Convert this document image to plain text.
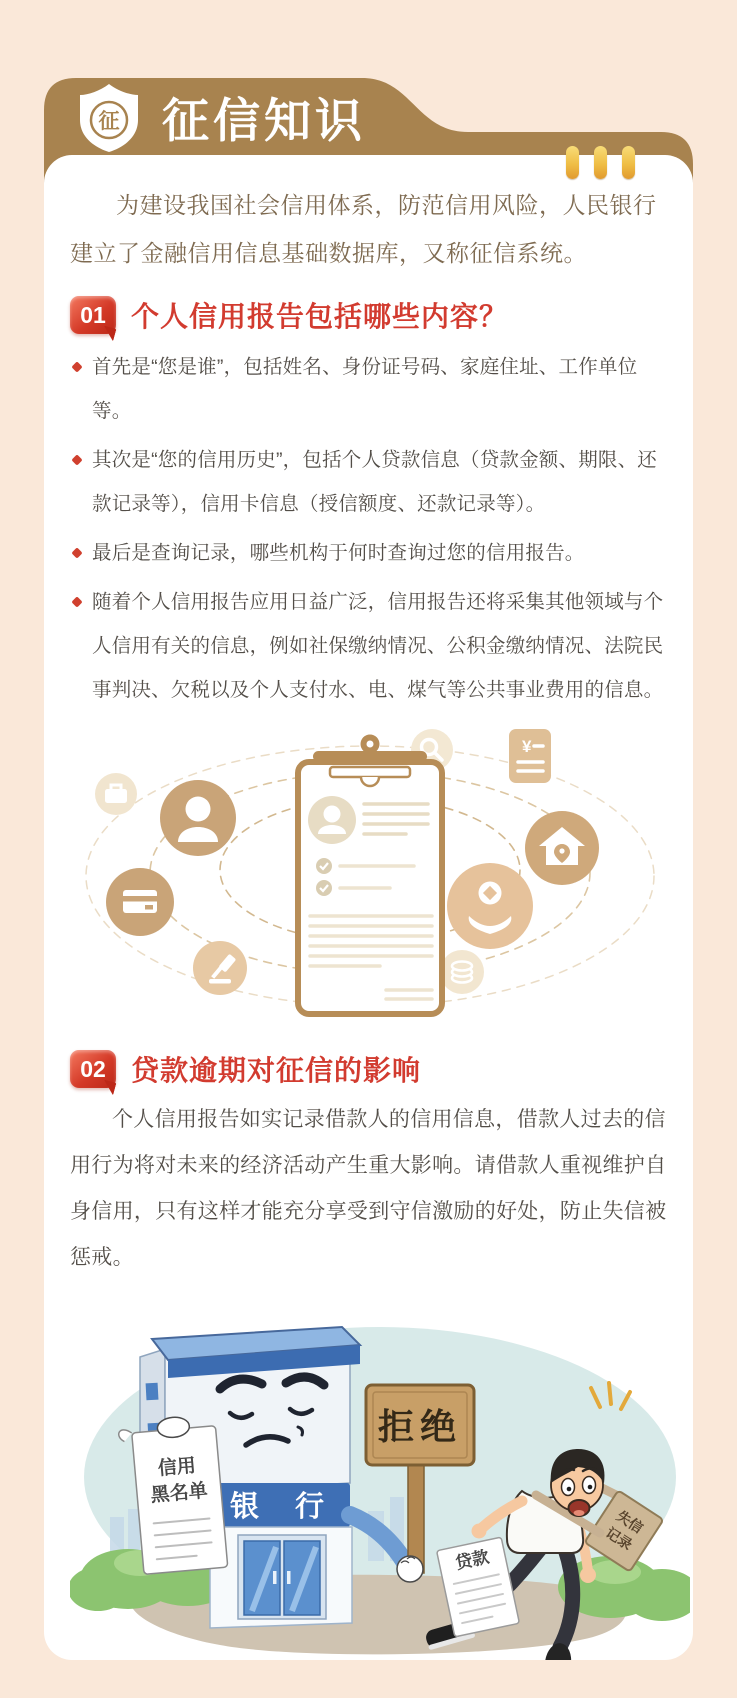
征 征信知识

为建设我国社会信用体系，防范信用风险，人民银行建立了金融信用信息基础数据库，又称征信系统。

01 个人信用报告包括哪些内容？
首先是“您是谁”，包括姓名、身份证号码、家庭住址、工作单位等。
其次是“您的信用历史”，包括个人贷款信息（贷款金额、期限、还款记录等），信用卡信息（授信额度、还款记录等）。
最后是查询记录，哪些机构于何时查询过您的信用报告。
随着个人信用报告应用日益广泛，信用报告还将采集其他领域与个人信用有关的信息，例如社保缴纳情况、公积金缴纳情况、法院民事判决、欠税以及个人支付水、电、煤气等公共事业费用的信息。
¥
02 贷款逾期对征信的影响

个人信用报告如实记录借款人的信用信息，借款人过去的信用行为将对未来的经济活动产生重大影响。请借款人重视维护自身信用，只有这样才能充分享受到守信激励的好处，防止失信被惩戒。

银 行
信用
黑名单
拒绝
失信
记录
贷款
